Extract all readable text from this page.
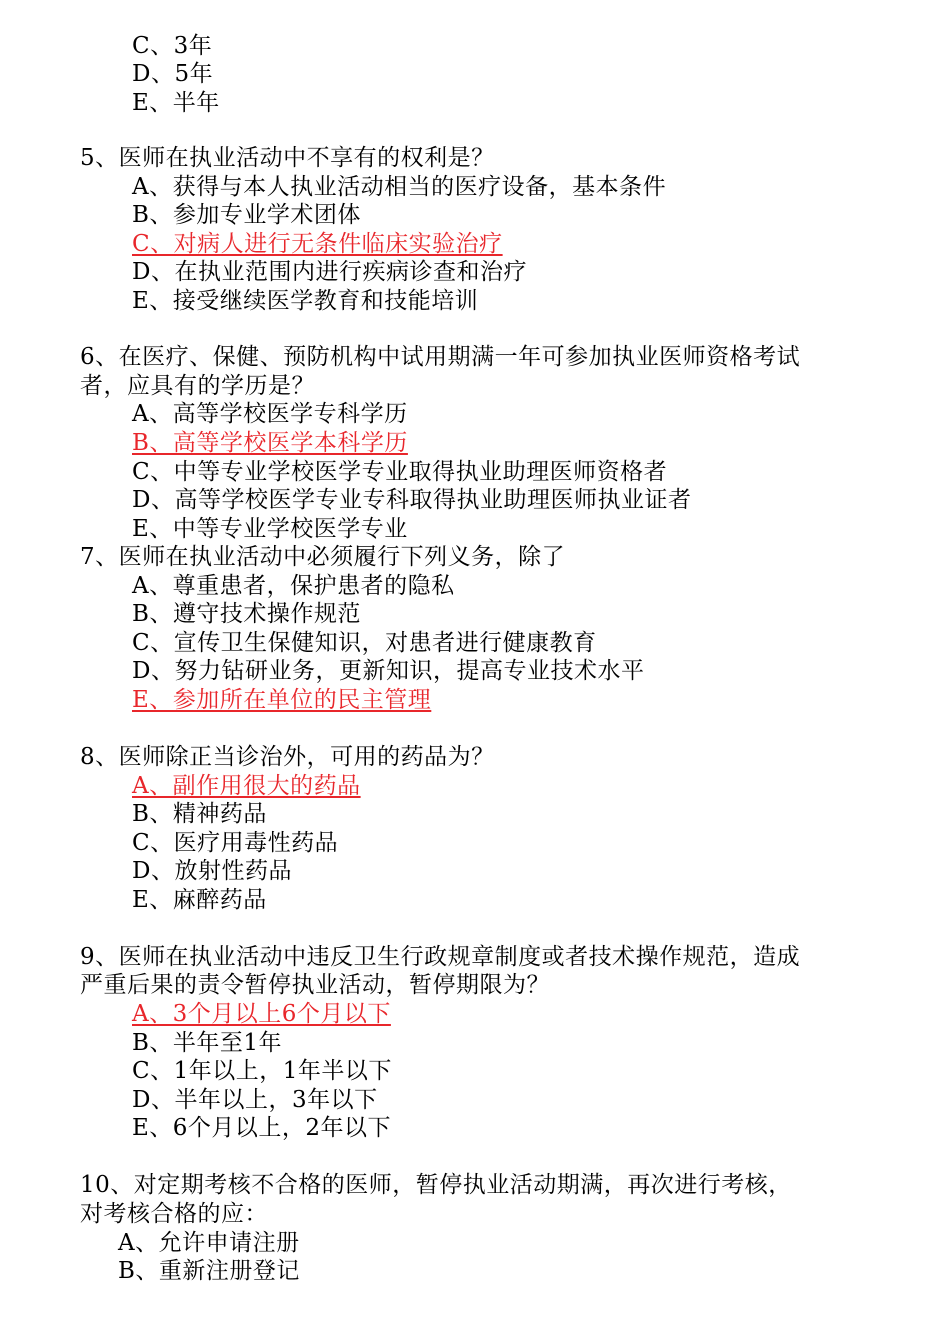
C、3年
D、5年
E、半年
5、医师在执业活动中不享有的权利是？
A、获得与本人执业活动相当的医疗设备，基本条件
B、参加专业学术团体
C、对病人进行无条件临床实验治疗
D、在执业范围内进行疾病诊查和治疗
E、接受继续医学教育和技能培训
6、在医疗、保健、预防机构中试用期满一年可参加执业医师资格考试
者，应具有的学历是？
A、高等学校医学专科学历
B、高等学校医学本科学历
C、中等专业学校医学专业取得执业助理医师资格者
D、高等学校医学专业专科取得执业助理医师执业证者
E、中等专业学校医学专业
7、医师在执业活动中必须履行下列义务，除了
A、尊重患者，保护患者的隐私
B、遵守技术操作规范
C、宣传卫生保健知识，对患者进行健康教育
D、努力钻研业务，更新知识，提高专业技术水平
E、参加所在单位的民主管理
8、医师除正当诊治外，可用的药品为？
A、副作用很大的药品
B、精神药品
C、医疗用毒性药品
D、放射性药品
E、麻醉药品
9、医师在执业活动中违反卫生行政规章制度或者技术操作规范，造成
严重后果的责令暂停执业活动，暂停期限为？
A、3个月以上6个月以下
B、半年至1年
C、1年以上，1年半以下
D、半年以上，3年以下
E、6个月以上，2年以下
10、对定期考核不合格的医师，暂停执业活动期满，再次进行考核，
对考核合格的应：
A、允许申请注册
B、重新注册登记
